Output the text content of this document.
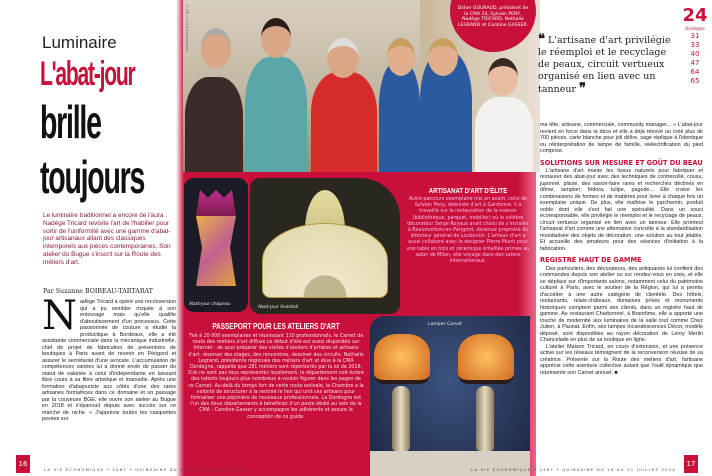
Luminaire
L'abat-jour
brille
toujours
Le luminaire traditionnel a encore de l'aura : Nadège Tricard revisite l'art de l'habiller pour sortir de l'uniformité avec une gamme d'abat-jour artisanaux allant des classiques intemporels aux pièces contemporaines. Son atelier du Bugue s'inscrit sur la Route des métiers d'art.
Par Suzanne BOIREAU-TARTARAT
N adège Tricard a opéré une reconversion qui a pu sembler risquée à son entourage mais qu'elle qualifie d'aboutissement d'un processus. Cette passionnée de couture a étudié la productique à Bordeaux, elle a été assistante commerciale dans la mécanique industrielle, chef de projet de fabrication de présentoirs de boutiques à Paris avant de revenir en Périgord et assurer le secrétariat d'une avocate. L'accumulation de compétences variées lui a donné envie de passer du statut de salariée à celui d'indépendante en laissant libre cours à sa fibre artistique et manuelle. Après une formation d'abajouriste aux côtés d'une des rares artisanes formatrices dans ce domaine et un passage par la couveuse BGE, elle ouvre son atelier au Bugue en 2018 et s'épanouit depuis avec succès sur ce marché de niche. « J'apprécie toutes les casquettes posées sur
16
© DR - La Vie Économique	Didier GOURAUD, président de la CMA 24, Sylvain PENY, Nadège TRICARD, Nathalie LEGRAND et Caroline GASSER.
Abat-jour chapeau
Abat-jour éventail
ARTISANAT D'ART D'ÉLITE
Autre parcours exemplaire mis en avant, celui de Sylvain Peny, ébéniste d'art à Gardonne. Il a travaillé sur la restauration de la maison (bibliothèque, parquet, mobilier) où le célèbre décorateur Serge Royaux avait choisi de s'installer à Beaumontois-en-Périgord, devenue propriété du directeur général de Louboutin. L'artisan d'art a aussi collaboré avec le designer Pierre Munit pour une table en bois et céramique émaillée primée au salon de Milan, elle voyage dans des salons internationaux.
Lampes Corset
PASSEPORT POUR LES ATELIERS D'ART
Tiré à 20 000 exemplaires et réunissant 110 professionnels, le Carnet de route des métiers d'art diffusé ce début d'été est aussi disponible sur Internet : de quoi préparer des visites d'ateliers d'artistes et artisans d'art, réserver des stages, des rencontres, dessiner des circuits. Nathalie Legrand, présidente régionale des métiers d'art et élue à la CMA Dordogne, rappelle que 281 métiers sont répertoriés par la loi de 2016. S'ils ne sont pas tous représentés localement, le département voit éclore des talents toujours plus nombreux à vouloir figurer dans les pages de ce Carnet. Au-delà du temps fort de cette route estivale, la Chambre a la volonté de structurer à la rentrée le lien qui unit ces artisans pour formaliser une pépinière de nouveaux professionnels. La Dordogne est l'un des deux départements à bénéficier d'un poste dédié au sein de la CMA : Caroline Gasser y accompagne les adhérents et assure la conception de ce guide.
LA VIE ÉCONOMIQUE • 2487 • QUINZAINE DU 16 AU 31 JUILLET 2024
❝ L'artisane d'art privilégie le réemploi et le recyclage de peaux, circuit vertueux organisé en lien avec un tanneur ❞
24
Dordogne
31
33
40
47
64
65
ma tête, artisane, commerciale, community manager... » L'abat-jour revient en force dans la déco et elle a déjà rénové ou créé plus de 700 pièces, carte blanche pour joli délire, sage réplique à l'identique ou réinterprétation de lampe de famille, réélectrification du pied comprise.
SOLUTIONS SUR MESURE ET GOÛT DU BEAU
L'artisane d'art manie les tissus naturels pour fabriquer et restaurer des abat-jour avec des techniques de contrecollé, cousu, juponné, plissé, des savoir-faire rares et recherchés déclinés en dôme, lampion, fédora, tulipe, pagode... Elle croise les combinaisons de formes et de matières pour livrer à chaque fois un exemplaire unique. De plus, elle maîtrise le parchemin, produit noble dont elle s'est fait une spécialité. Dans un souci écoresponsable, elle privilégie le réemploi et le recyclage de peaux, circuit vertueux organisé en lien avec un tanneur. Elle promeut l'artisanat d'art comme une alternative concrète à la standardisation mondialisée des objets de décoration, une solution au tout jetable. Et accueille des amateurs pour des séances d'initiation à la fabrication.
REGISTRE HAUT DE GAMME
Des particuliers, des décorateurs, des antiquaires lui confient des commandes depuis son atelier ou sur rendez-vous en visio, et elle se déplace sur d'importants salons, notamment celui du patrimoine culturel à Paris, avec le soutien de la Région, qui lui a permis d'accéder à une autre catégorie de clientèle. Des hôtels, restaurants, relais-châteaux, domaines privés et monuments historiques comptent parmi ses clients, dans un registre haut de gamme. Au restaurant Charbonnel, à Brantôme, elle a apporté une touche de modernité aux luminaires de la salle tout comme Chez Julien, à Paunat. Enfin, ses lampes Incandescences Décor, modèle déposé, sont disponibles au rayon décoration de Leroy Merlin Chancelade en plus de sa boutique en ligne.
L'atelier Maison Tricard, en cours d'extension, et une présence active sur les réseaux témoignent de la reconversion réussie de sa créatrice. Présente sur la Route des métiers d'art, l'artisane apprécie cette aventure collective autant que l'outil dynamique que représente son Carnet annuel. ■
LA VIE ÉCONOMIQUE • 2487 • QUINZAINE DU 16 AU 31 JUILLET 2024
17
